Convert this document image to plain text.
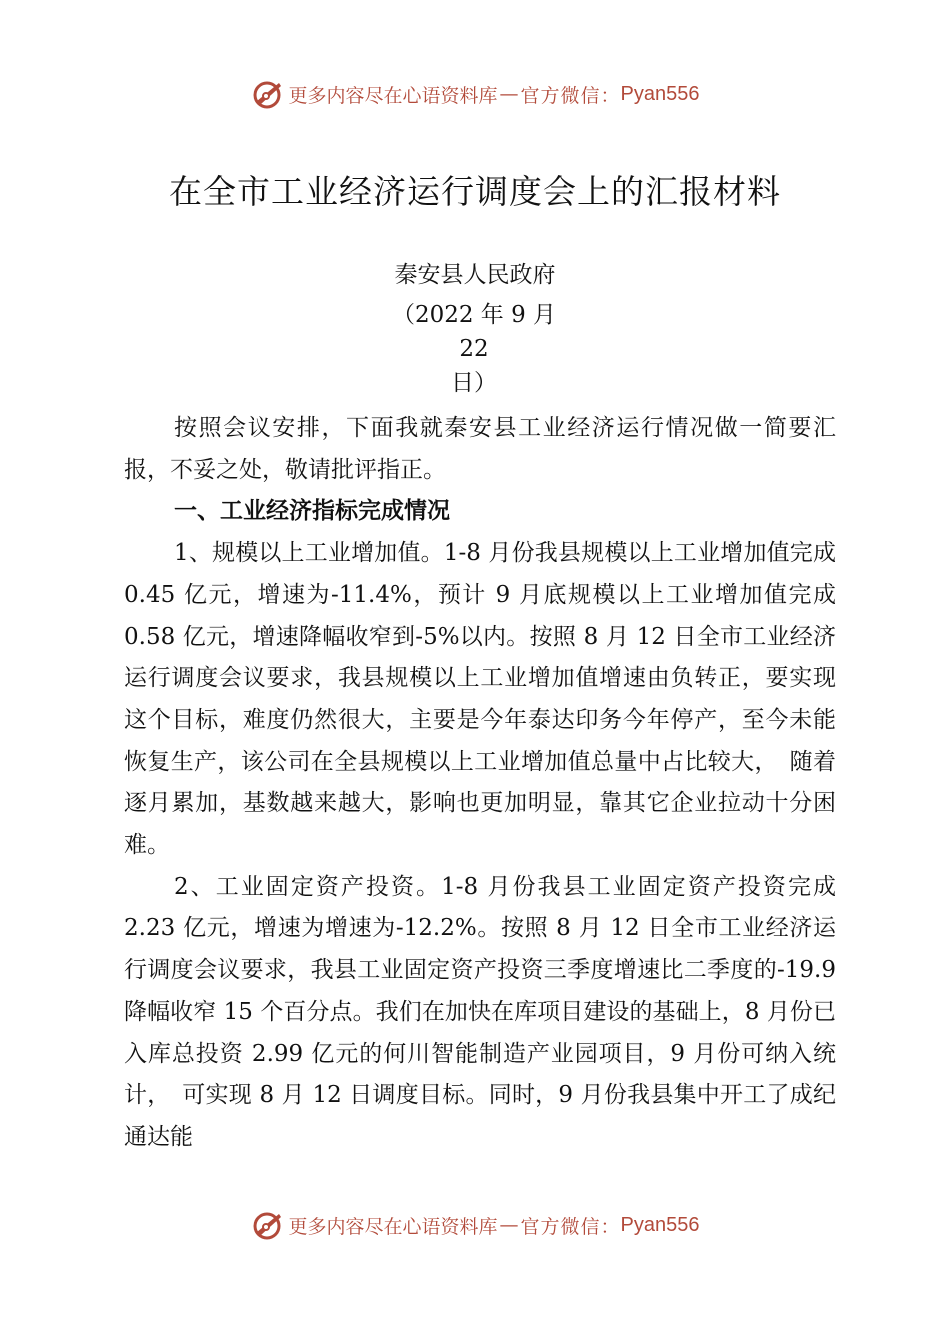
更多内容尽在心语资料库 — 官方微信： Pyan556
在全市工业经济运行调度会上的汇报材料
秦安县人民政府
（2022 年 9 月 22
日）

按照会议安排，下面我就秦安县工业经济运行情况做一简要汇报，不妥之处，敬请批评指正。

一、工业经济指标完成情况

1、规模以上工业增加值。1-8 月份我县规模以上工业增加值完成 0.45 亿元，增速为-11.4%，预计 9 月底规模以上工业增加值完成 0.58 亿元，增速降幅收窄到-5%以内。按照 8 月 12 日全市工业经济运行调度会议要求，我县规模以上工业增加值增速由负转正，要实现这个目标，难度仍然很大，主要是今年泰达印务今年停产，至今未能恢复生产，该公司在全县规模以上工业增加值总量中占比较大，　随着逐月累加，基数越来越大，影响也更加明显，靠其它企业拉动十分困难。

2、工业固定资产投资。1-8 月份我县工业固定资产投资完成 2.23 亿元，增速为增速为-12.2%。按照 8 月 12 日全市工业经济运行调度会议要求，我县工业固定资产投资三季度增速比二季度的-19.9 降幅收窄 15 个百分点。我们在加快在库项目建设的基础上，8 月份已入库总投资 2.99 亿元的何川智能制造产业园项目，9 月份可纳入统计，　可实现 8 月 12 日调度目标。同时，9 月份我县集中开工了成纪通达能

更多内容尽在心语资料库 — 官方微信： Pyan556
